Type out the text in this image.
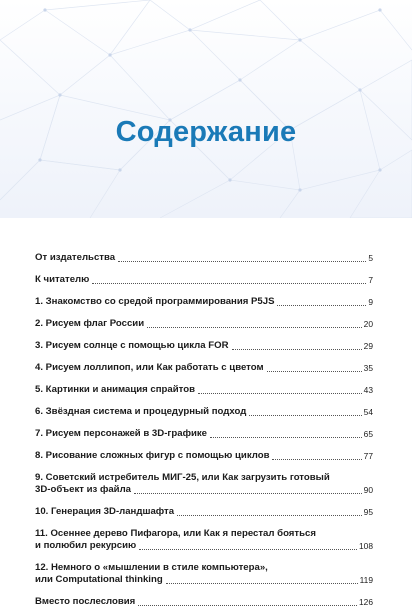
Содержание
От издательства	5
К читателю	7
1. Знакомство со средой программирования P5JS	9
2. Рисуем флаг России	20
3. Рисуем солнце с помощью цикла FOR	29
4. Рисуем лоллипоп, или Как работать с цветом	35
5. Картинки и анимация спрайтов	43
6. Звёздная система и процедурный подход	54
7. Рисуем персонажей в 3D-графике	65
8. Рисование сложных фигур с помощью циклов	77
9. Советский истребитель МИГ-25, или Как загрузить готовый
3D-объект из файла	90
10. Генерация 3D-ландшафта	95
11. Осеннее дерево Пифагора, или Как я перестал бояться
и полюбил рекурсию	108
12. Немного о «мышлении в стиле компьютера»,
или Computational thinking	119
Вместо послесловия	126
